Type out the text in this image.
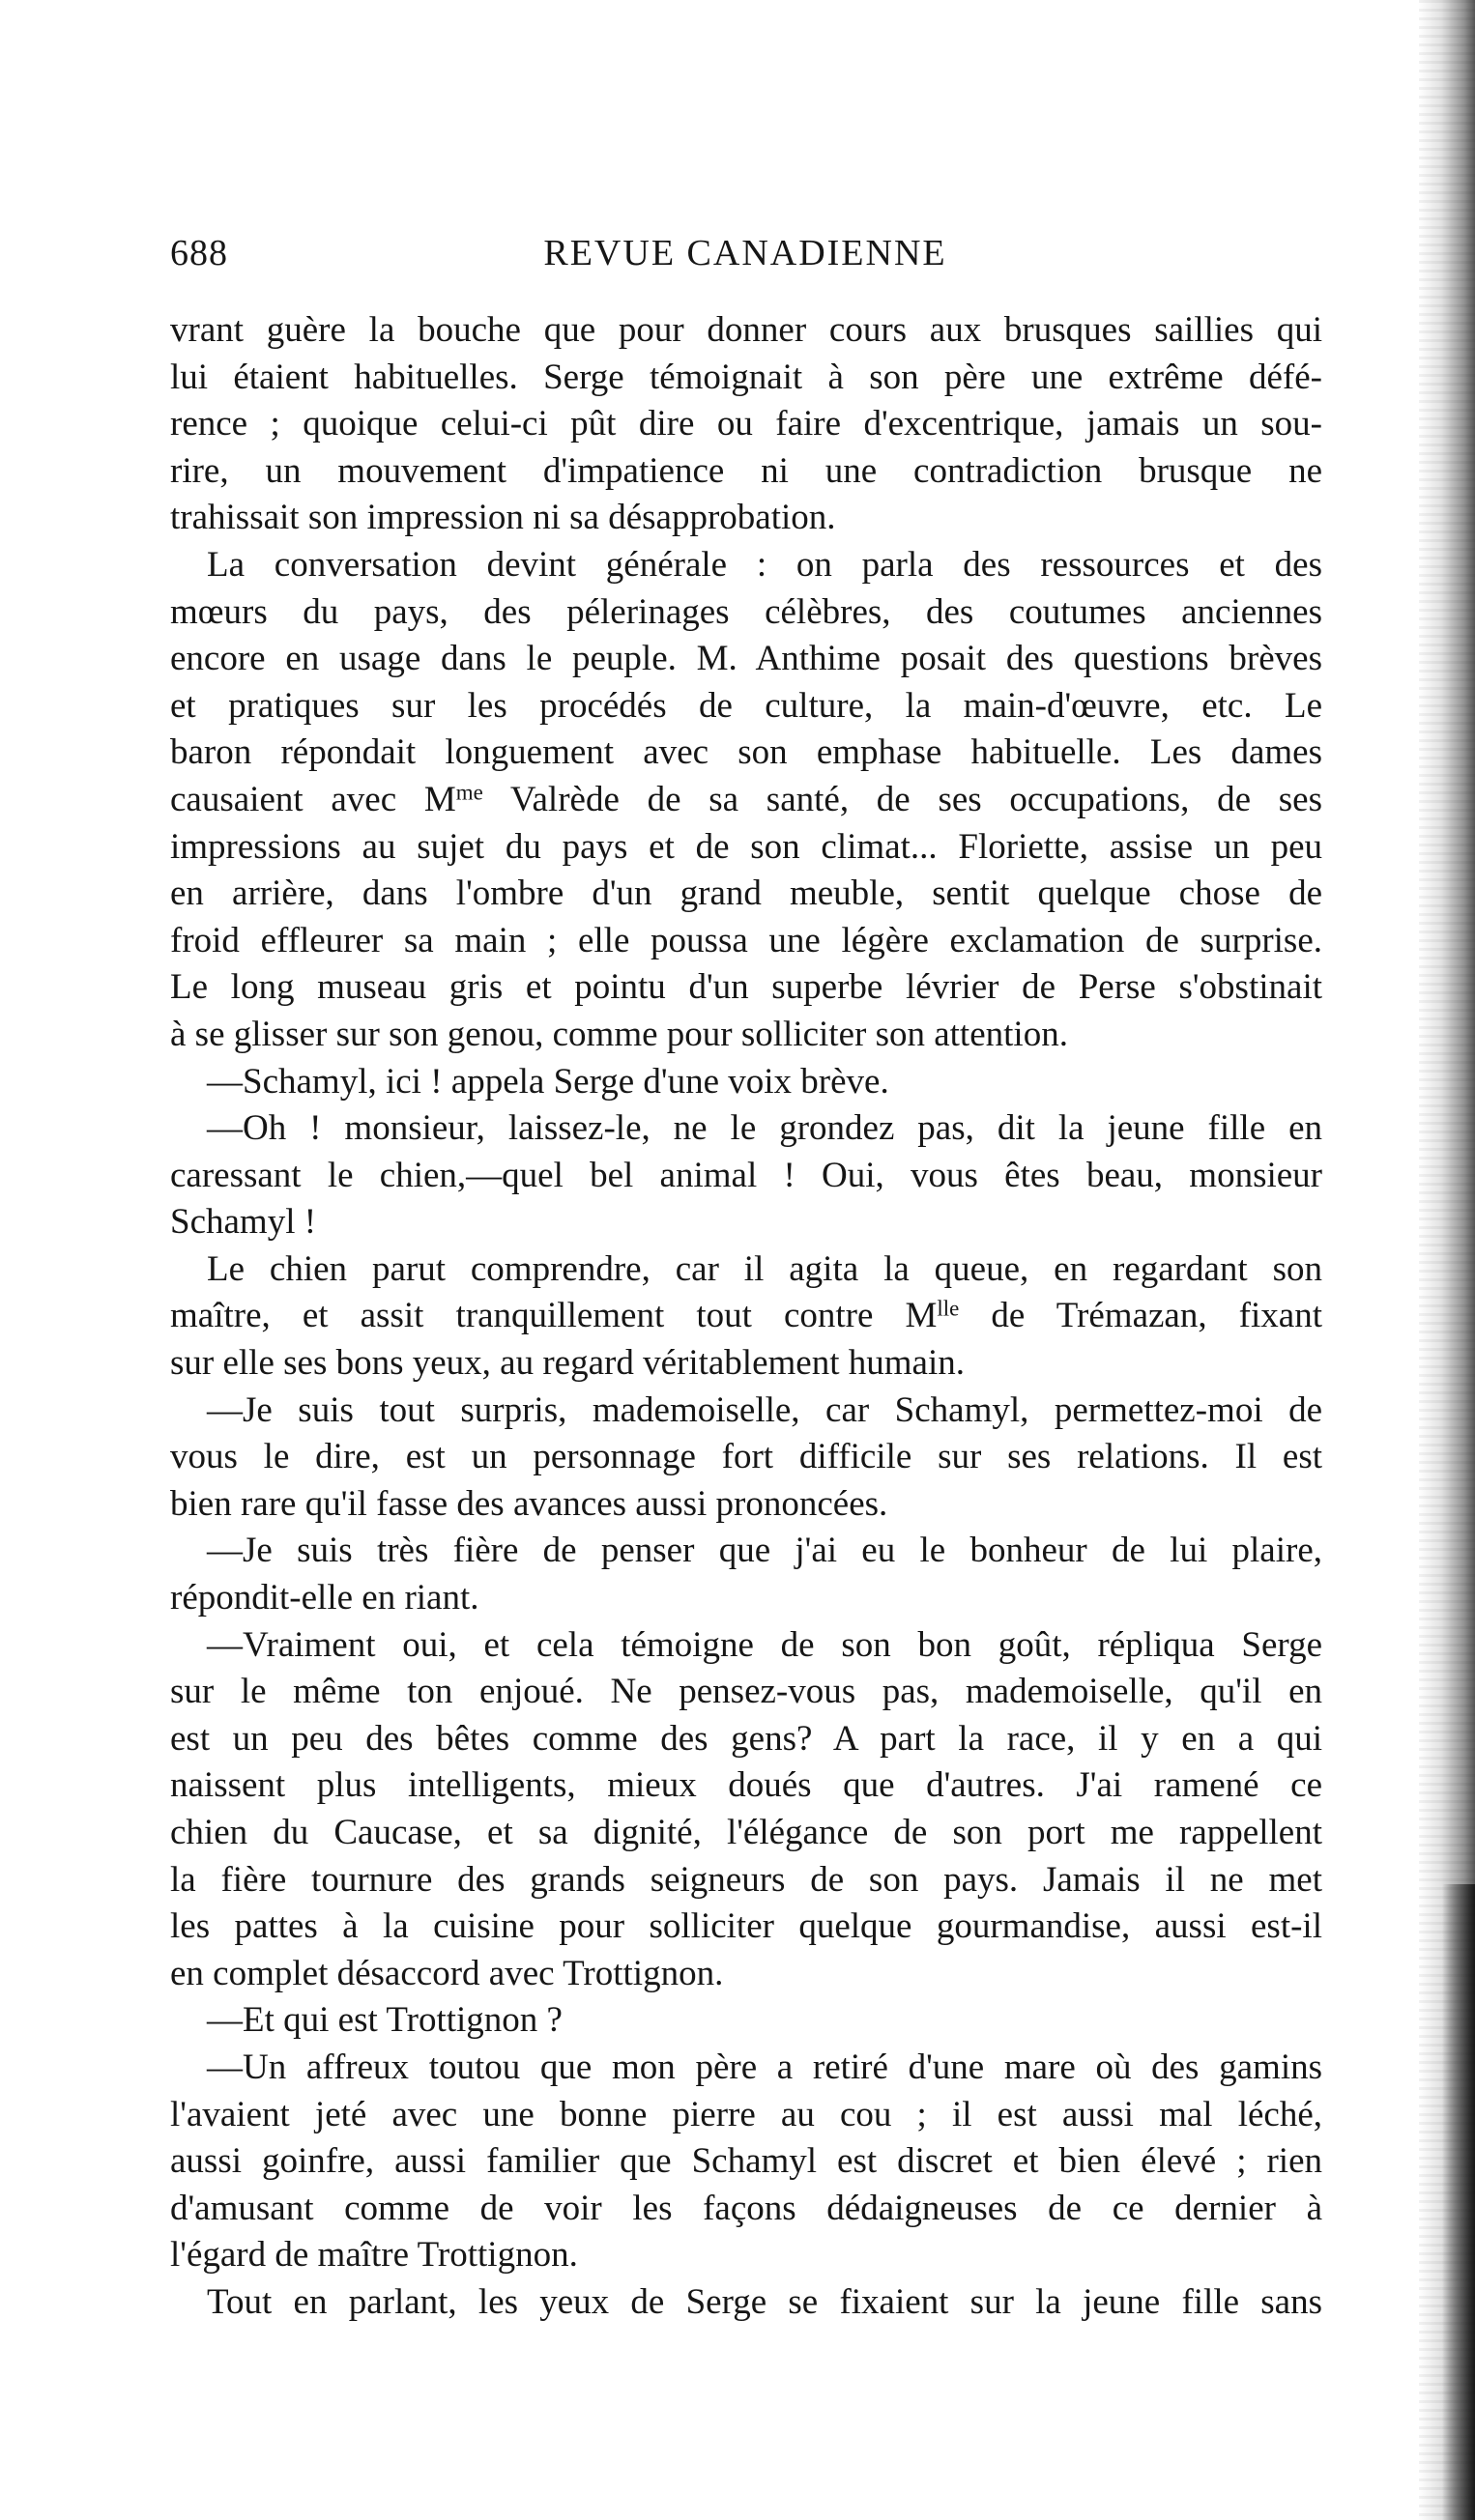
688	REVUE CANADIENNE
vrant guère la bouche que pour donner cours aux brusques saillies qui
lui étaient habituelles. Serge témoignait à son père une extrême défé-
rence ; quoique celui-ci pût dire ou faire d'excentrique, jamais un sou-
rire, un mouvement d'impatience ni une contradiction brusque ne
trahissait son impression ni sa désapprobation.
La conversation devint générale : on parla des ressources et des
mœurs du pays, des pélerinages célèbres, des coutumes anciennes
encore en usage dans le peuple. M. Anthime posait des questions brèves
et pratiques sur les procédés de culture, la main-d'œuvre, etc. Le
baron répondait longuement avec son emphase habituelle. Les dames
causaient avec $M^{me}$ Valrède de sa santé, de ses occupations, de ses
impressions au sujet du pays et de son climat... Floriette, assise un peu
en arrière, dans l'ombre d'un grand meuble, sentit quelque chose de
froid effleurer sa main ; elle poussa une légère exclamation de surprise.
Le long museau gris et pointu d'un superbe lévrier de Perse s'obstinait
à se glisser sur son genou, comme pour solliciter son attention.
—Schamyl, ici ! appela Serge d'une voix brève.
—Oh ! monsieur, laissez-le, ne le grondez pas, dit la jeune fille en
caressant le chien,—quel bel animal ! Oui, vous êtes beau, monsieur
Schamyl !
Le chien parut comprendre, car il agita la queue, en regardant son
maître, et assit tranquillement tout contre $M^{lle}$ de Trémazan, fixant
sur elle ses bons yeux, au regard véritablement humain.
—Je suis tout surpris, mademoiselle, car Schamyl, permettez-moi de
vous le dire, est un personnage fort difficile sur ses relations. Il est
bien rare qu'il fasse des avances aussi prononcées.
—Je suis très fière de penser que j'ai eu le bonheur de lui plaire,
répondit-elle en riant.
—Vraiment oui, et cela témoigne de son bon goût, répliqua Serge
sur le même ton enjoué. Ne pensez-vous pas, mademoiselle, qu'il en
est un peu des bêtes comme des gens? A part la race, il y en a qui
naissent plus intelligents, mieux doués que d'autres. J'ai ramené ce
chien du Caucase, et sa dignité, l'élégance de son port me rappellent
la fière tournure des grands seigneurs de son pays. Jamais il ne met
les pattes à la cuisine pour solliciter quelque gourmandise, aussi est-il
en complet désaccord avec Trottignon.
—Et qui est Trottignon ?
—Un affreux toutou que mon père a retiré d'une mare où des gamins
l'avaient jeté avec une bonne pierre au cou ; il est aussi mal léché,
aussi goinfre, aussi familier que Schamyl est discret et bien élevé ; rien
d'amusant comme de voir les façons dédaigneuses de ce dernier à
l'égard de maître Trottignon.
Tout en parlant, les yeux de Serge se fixaient sur la jeune fille sans
